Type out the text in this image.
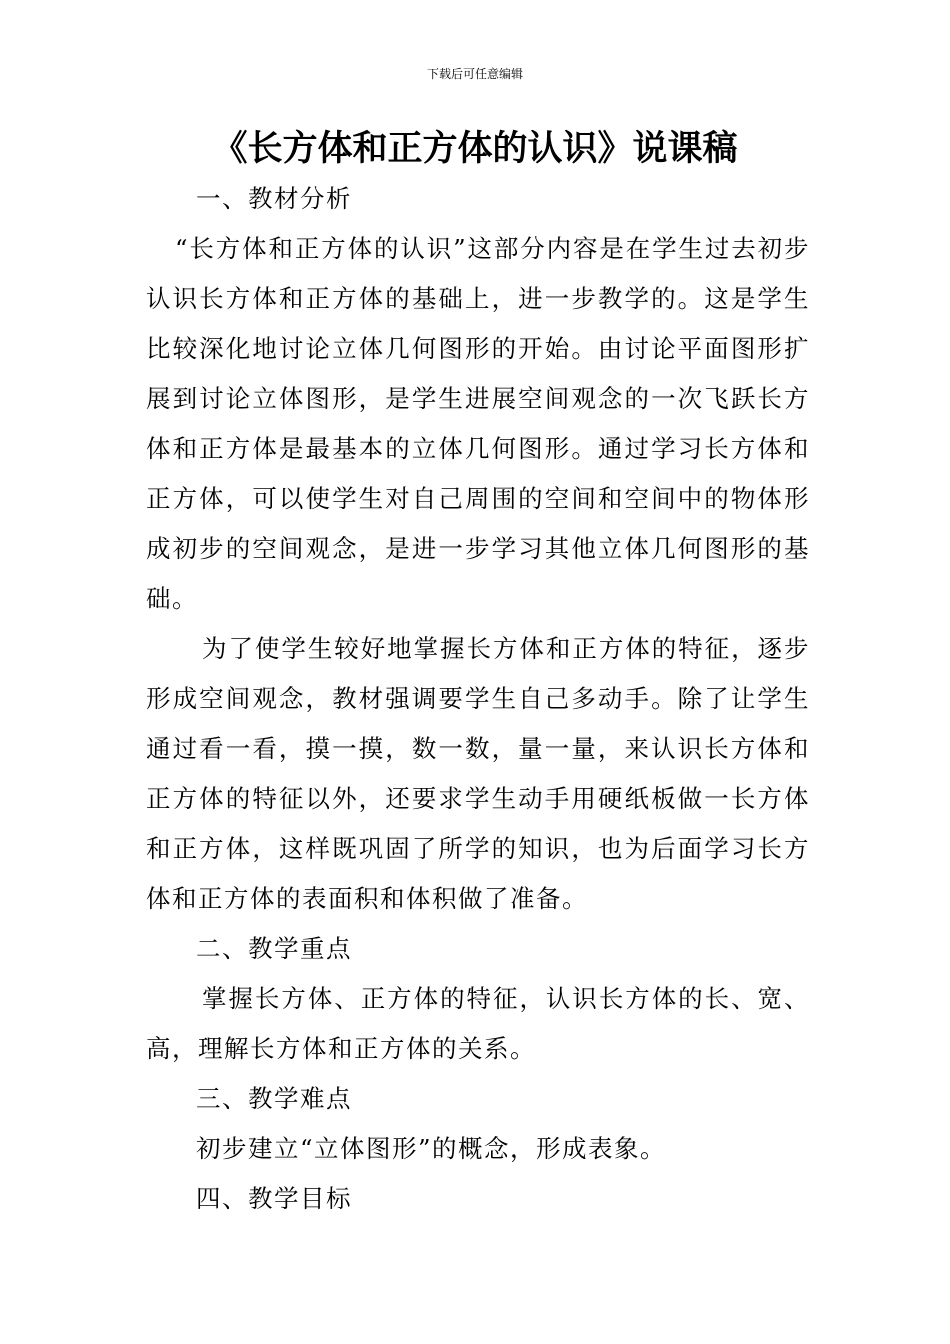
下载后可任意编辑
《长方体和正方体的认识》说课稿

一、教材分析

“长方体和正方体的认识”这部分内容是在学生过去初步认识长方体和正方体的基础上，进一步教学的。这是学生比较深化地讨论立体几何图形的开始。由讨论平面图形扩展到讨论立体图形，是学生进展空间观念的一次飞跃长方体和正方体是最基本的立体几何图形。通过学习长方体和正方体，可以使学生对自己周围的空间和空间中的物体形成初步的空间观念，是进一步学习其他立体几何图形的基础。

为了使学生较好地掌握长方体和正方体的特征，逐步形成空间观念，教材强调要学生自己多动手。除了让学生通过看一看，摸一摸，数一数，量一量，来认识长方体和正方体的特征以外，还要求学生动手用硬纸板做一长方体和正方体，这样既巩固了所学的知识，也为后面学习长方体和正方体的表面积和体积做了准备。

二、教学重点

掌握长方体、正方体的特征，认识长方体的长、宽、高，理解长方体和正方体的关系。

三、教学难点

初步建立“立体图形”的概念，形成表象。

四、教学目标
